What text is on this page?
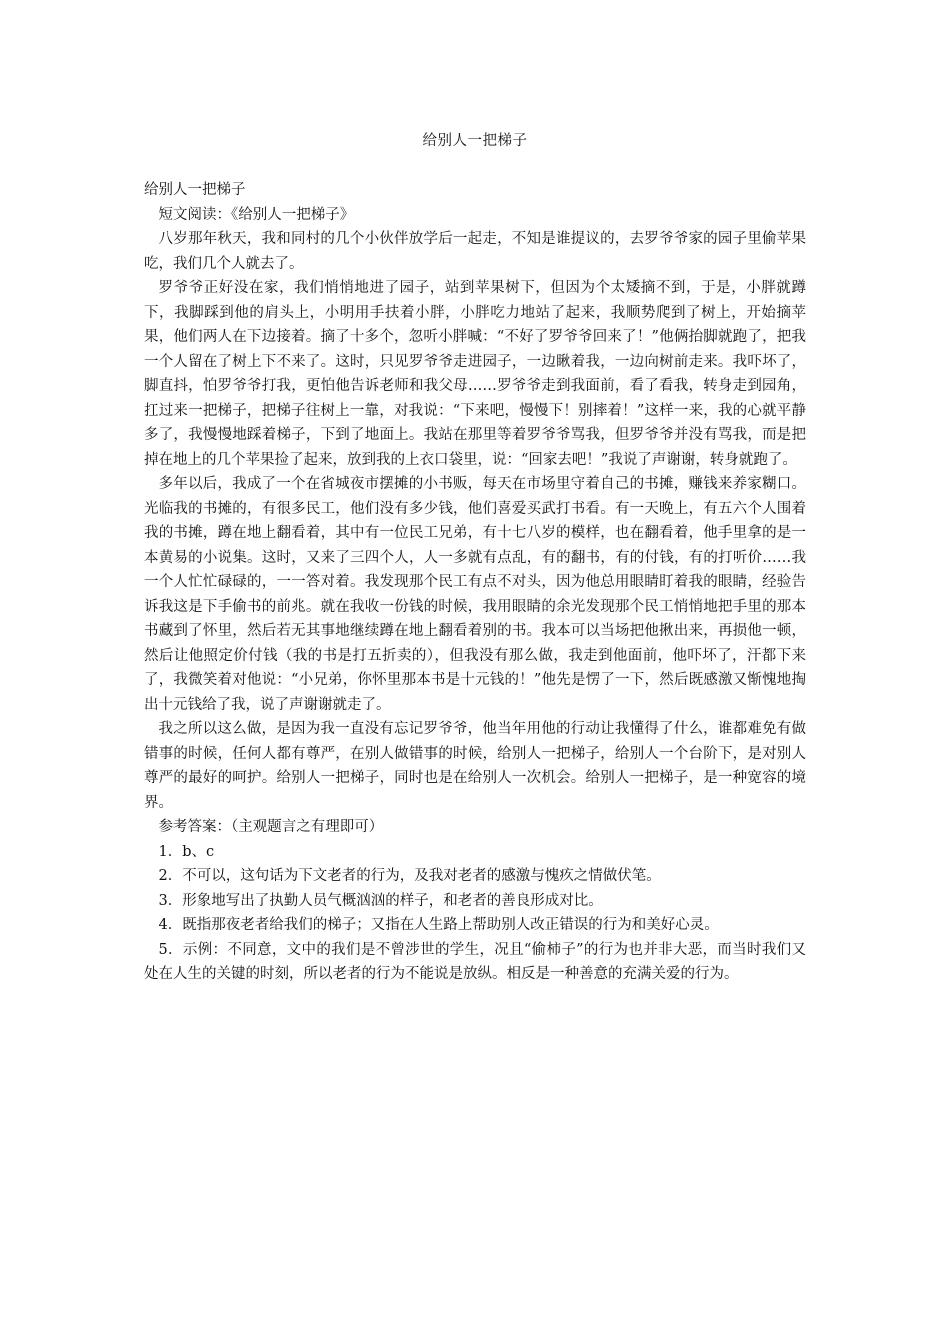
给别人一把梯子

给别人一把梯子

短文阅读：《给别人一把梯子》

八岁那年秋天，我和同村的几个小伙伴放学后一起走，不知是谁提议的，去罗爷爷家的园子里偷苹果吃，我们几个人就去了。

罗爷爷正好没在家，我们悄悄地进了园子，站到苹果树下，但因为个太矮摘不到，于是，小胖就蹲下，我脚踩到他的肩头上，小明用手扶着小胖，小胖吃力地站了起来，我顺势爬到了树上，开始摘苹果，他们两人在下边接着。摘了十多个，忽听小胖喊：“不好了罗爷爷回来了！”他俩抬脚就跑了，把我一个人留在了树上下不来了。这时，只见罗爷爷走进园子，一边瞅着我，一边向树前走来。我吓坏了，脚直抖，怕罗爷爷打我，更怕他告诉老师和我父母……罗爷爷走到我面前，看了看我，转身走到园角，扛过来一把梯子，把梯子往树上一靠，对我说：“下来吧，慢慢下！别摔着！”这样一来，我的心就平静多了，我慢慢地踩着梯子，下到了地面上。我站在那里等着罗爷爷骂我，但罗爷爷并没有骂我，而是把掉在地上的几个苹果捡了起来，放到我的上衣口袋里，说：“回家去吧！”我说了声谢谢，转身就跑了。

多年以后，我成了一个在省城夜市摆摊的小书贩，每天在市场里守着自己的书摊，赚钱来养家糊口。光临我的书摊的，有很多民工，他们没有多少钱，他们喜爱买武打书看。有一天晚上，有五六个人围着我的书摊，蹲在地上翻看着，其中有一位民工兄弟，有十七八岁的模样，也在翻看着，他手里拿的是一本黄易的小说集。这时，又来了三四个人，人一多就有点乱，有的翻书，有的付钱，有的打听价……我一个人忙忙碌碌的，一一答对着。我发现那个民工有点不对头，因为他总用眼睛盯着我的眼睛，经验告诉我这是下手偷书的前兆。就在我收一份钱的时候，我用眼睛的余光发现那个民工悄悄地把手里的那本书藏到了怀里，然后若无其事地继续蹲在地上翻看着别的书。我本可以当场把他揪出来，再损他一顿，然后让他照定价付钱（我的书是打五折卖的），但我没有那么做，我走到他面前，他吓坏了，汗都下来了，我微笑着对他说：“小兄弟，你怀里那本书是十元钱的！”他先是愣了一下，然后既感激又惭愧地掏出十元钱给了我，说了声谢谢就走了。

我之所以这么做，是因为我一直没有忘记罗爷爷，他当年用他的行动让我懂得了什么，谁都难免有做错事的时候，任何人都有尊严，在别人做错事的时候，给别人一把梯子，给别人一个台阶下，是对别人尊严的最好的呵护。给别人一把梯子，同时也是在给别人一次机会。给别人一把梯子，是一种宽容的境界。

参考答案：（主观题言之有理即可）

1．b、c

2．不可以，这句话为下文老者的行为，及我对老者的感激与愧疚之情做伏笔。

3．形象地写出了执勤人员气概汹汹的样子，和老者的善良形成对比。

4．既指那夜老者给我们的梯子；又指在人生路上帮助别人改正错误的行为和美好心灵。

5．示例：不同意，文中的我们是不曾涉世的学生，况且“偷柿子”的行为也并非大恶，而当时我们又处在人生的关键的时刻，所以老者的行为不能说是放纵。相反是一种善意的充满关爱的行为。
